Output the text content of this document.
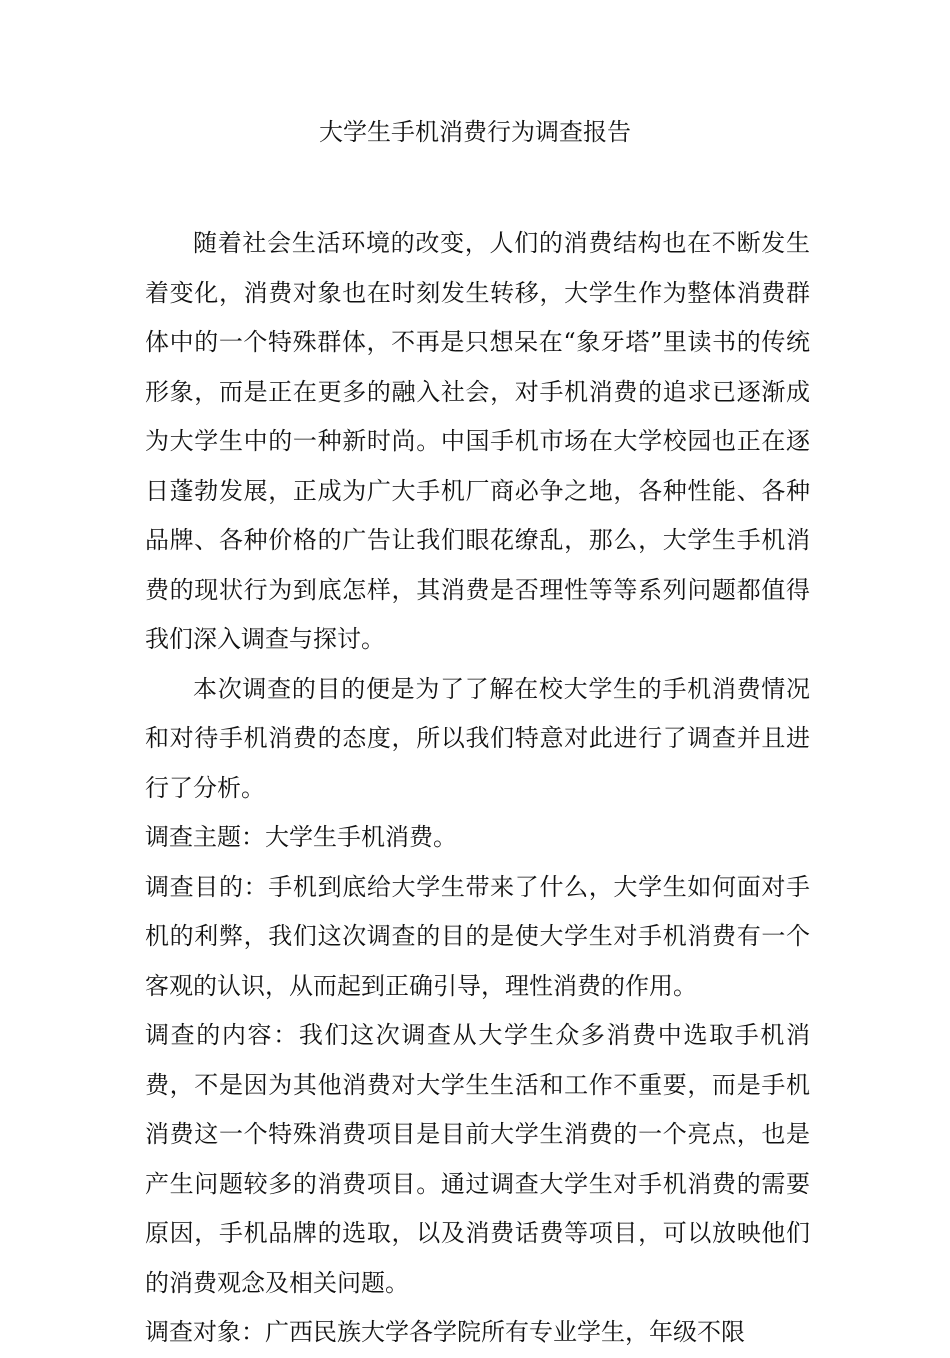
大学生手机消费行为调查报告

随着社会生活环境的改变，人们的消费结构也在不断发生着变化，消费对象也在时刻发生转移，大学生作为整体消费群体中的一个特殊群体，不再是只想呆在“象牙塔”里读书的传统形象，而是正在更多的融入社会，对手机消费的追求已逐渐成为大学生中的一种新时尚。中国手机市场在大学校园也正在逐日蓬勃发展，正成为广大手机厂商必争之地，各种性能、各种品牌、各种价格的广告让我们眼花缭乱，那么，大学生手机消费的现状行为到底怎样，其消费是否理性等等系列问题都值得我们深入调查与探讨。

本次调查的目的便是为了了解在校大学生的手机消费情况和对待手机消费的态度，所以我们特意对此进行了调查并且进行了分析。

调查主题：大学生手机消费。

调查目的：手机到底给大学生带来了什么，大学生如何面对手机的利弊，我们这次调查的目的是使大学生对手机消费有一个客观的认识，从而起到正确引导，理性消费的作用。

调查的内容：我们这次调查从大学生众多消费中选取手机消费，不是因为其他消费对大学生生活和工作不重要，而是手机消费这一个特殊消费项目是目前大学生消费的一个亮点，也是产生问题较多的消费项目。通过调查大学生对手机消费的需要原因，手机品牌的选取，以及消费话费等项目，可以放映他们的消费观念及相关问题。

调查对象：广西民族大学各学院所有专业学生，年级不限
